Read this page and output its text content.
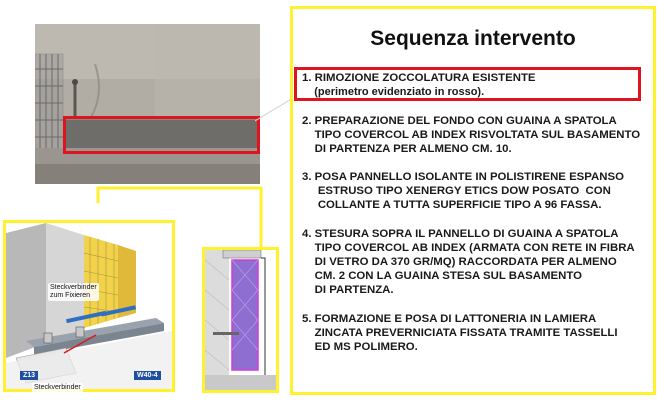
Sequenza intervento

1. RIMOZIONE ZOCCOLATURA ESISTENTE

(perimetro evidenziato in rosso).

2. PREPARAZIONE DEL FONDO CON GUAINA A SPATOLA

TIPO COVERCOL AB INDEX RISVOLTATA SUL BASAMENTO

DI PARTENZA PER ALMENO CM. 10.

3. POSA PANNELLO ISOLANTE IN POLISTIRENE ESPANSO

ESTRUSO TIPO XENERGY ETICS DOW POSATO  CON

COLLANTE A TUTTA SUPERFICIE TIPO A 96 FASSA.

4. STESURA SOPRA IL PANNELLO DI GUAINA A SPATOLA

TIPO COVERCOL AB INDEX (ARMATA CON RETE IN FIBRA

DI VETRO DA 370 GR/MQ) RACCORDATA PER ALMENO

CM. 2 CON LA GUAINA STESA SUL BASAMENTO

DI PARTENZA.

5. FORMAZIONE E POSA DI LATTONERIA IN LAMIERA

ZINCATA PREVERNICIATA FISSATA TRAMITE TASSELLI

ED MS POLIMERO.

Steckverbinder
zum Fixieren
Steckverbinder
Z13	W40-4
